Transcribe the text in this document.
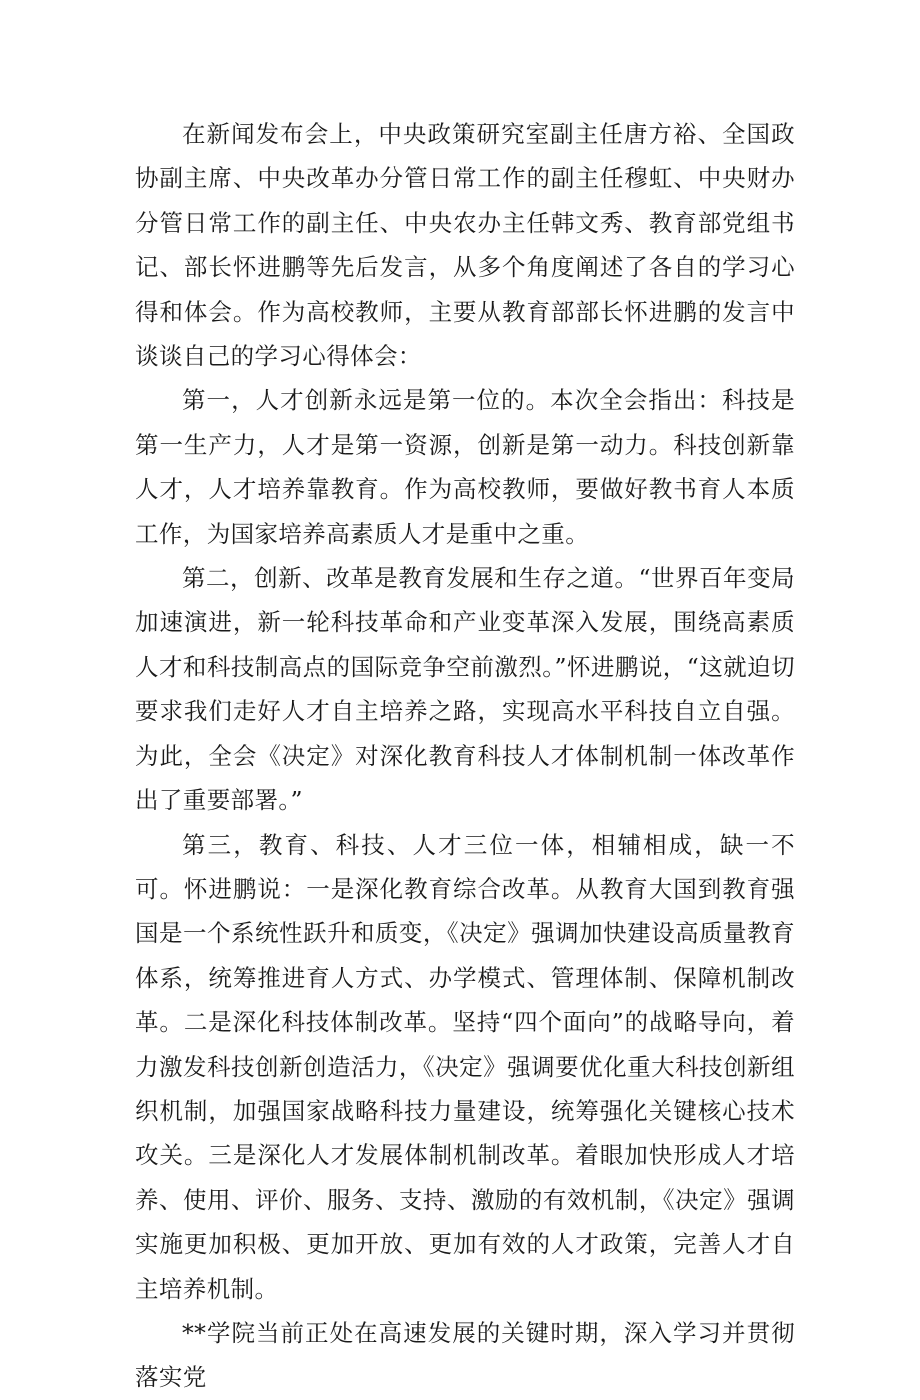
在新闻发布会上，中央政策研究室副主任唐方裕、全国政协副主席、中央改革办分管日常工作的副主任穆虹、中央财办分管日常工作的副主任、中央农办主任韩文秀、教育部党组书记、部长怀进鹏等先后发言，从多个角度阐述了各自的学习心得和体会。作为高校教师，主要从教育部部长怀进鹏的发言中谈谈自己的学习心得体会：

第一，人才创新永远是第一位的。本次全会指出：科技是第一生产力，人才是第一资源，创新是第一动力。科技创新靠人才，人才培养靠教育。作为高校教师，要做好教书育人本质工作，为国家培养高素质人才是重中之重。

第二，创新、改革是教育发展和生存之道。“世界百年变局加速演进，新一轮科技革命和产业变革深入发展，围绕高素质人才和科技制高点的国际竞争空前激烈。”怀进鹏说，“这就迫切要求我们走好人才自主培养之路，实现高水平科技自立自强。为此，全会《决定》对深化教育科技人才体制机制一体改革作出了重要部署。”

第三，教育、科技、人才三位一体，相辅相成，缺一不可。怀进鹏说：一是深化教育综合改革。从教育大国到教育强国是一个系统性跃升和质变，《决定》强调加快建设高质量教育体系，统筹推进育人方式、办学模式、管理体制、保障机制改革。二是深化科技体制改革。坚持“四个面向”的战略导向，着力激发科技创新创造活力，《决定》强调要优化重大科技创新组织机制，加强国家战略科技力量建设，统筹强化关键核心技术攻关。三是深化人才发展体制机制改革。着眼加快形成人才培养、使用、评价、服务、支持、激励的有效机制，《决定》强调实施更加积极、更加开放、更加有效的人才政策，完善人才自主培养机制。

**学院当前正处在高速发展的关键时期，深入学习并贯彻落实党
